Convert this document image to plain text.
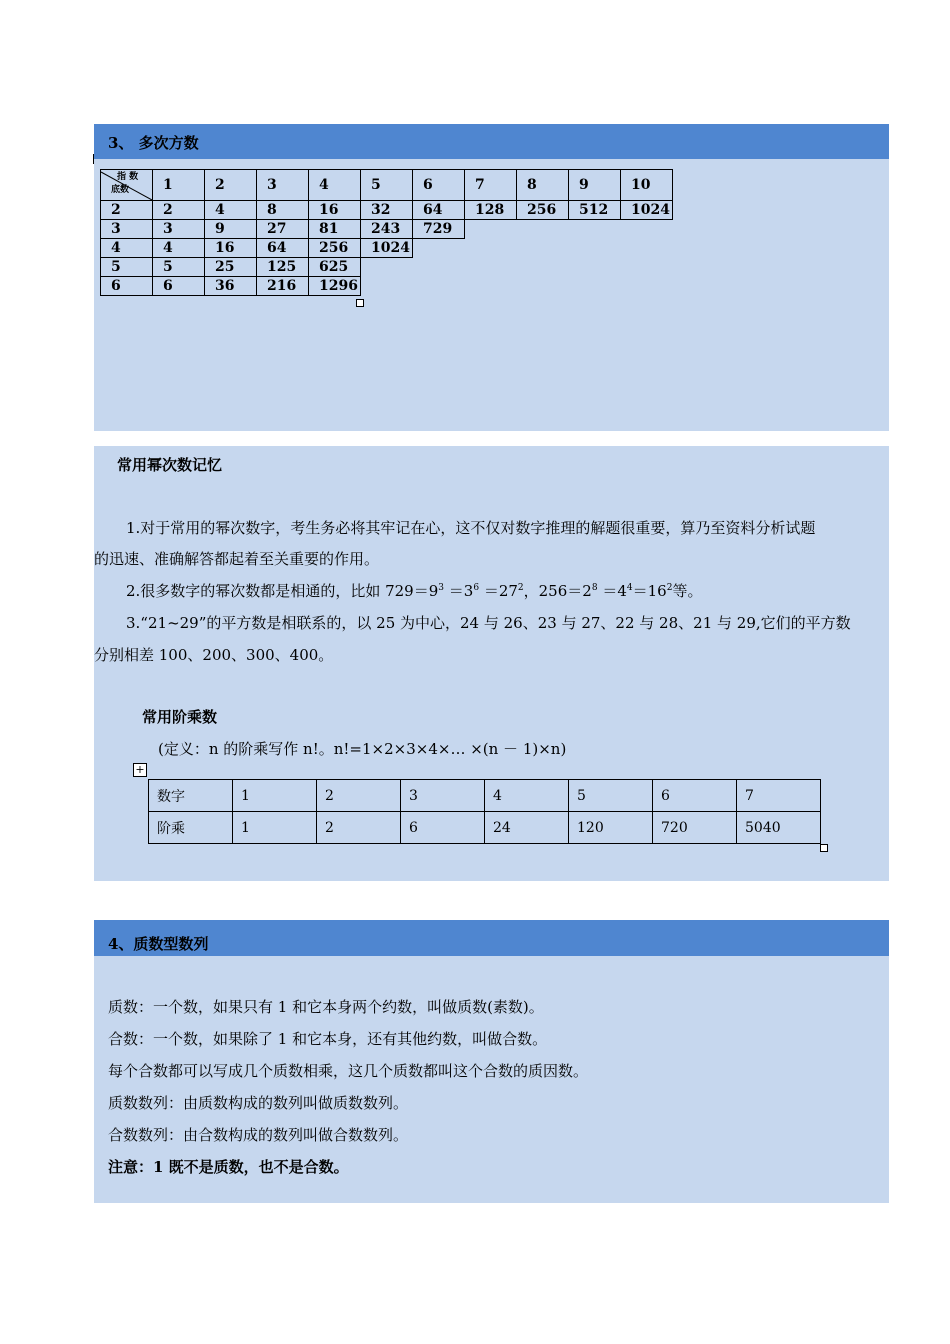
3、 多次方数
指 数
底数	1	2	3	4	5	6	7	8	9	10
2	2	4	8	16	32	64	128	256	512	1024
3	3	9	27	81	243	729				
4	4	16	64	256	1024					
5	5	25	125	625						
6	6	36	216	1296						
常用幂次数记忆
1.对于常用的幂次数字，考生务必将其牢记在心，这不仅对数字推理的解题很重要，算乃至资料分析试题
的迅速、准确解答都起着至关重要的作用。
2.很多数字的幂次数都是相通的，比如 $729=9^3 =3^6 =27^2$，$256=2^8 =4^4=16^2$等。
3.“21~29”的平方数是相联系的，以 25 为中心，24 与 26、23 与 27、22 与 28、21 与 29,它们的平方数
分别相差 100、200、300、400。
常用阶乘数
(定义：n 的阶乘写作 n!。n!=1×2×3×4×… ×(n － 1)×n)
+
数字	1	2	3	4	5	6	7
阶乘	1	2	6	24	120	720	5040
4、质数型数列
质数：一个数，如果只有 1 和它本身两个约数，叫做质数(素数)。
合数：一个数，如果除了 1 和它本身，还有其他约数，叫做合数。
每个合数都可以写成几个质数相乘，这几个质数都叫这个合数的质因数。
质数数列：由质数构成的数列叫做质数数列。
合数数列：由合数构成的数列叫做合数数列。
注意：1 既不是质数，也不是合数。
